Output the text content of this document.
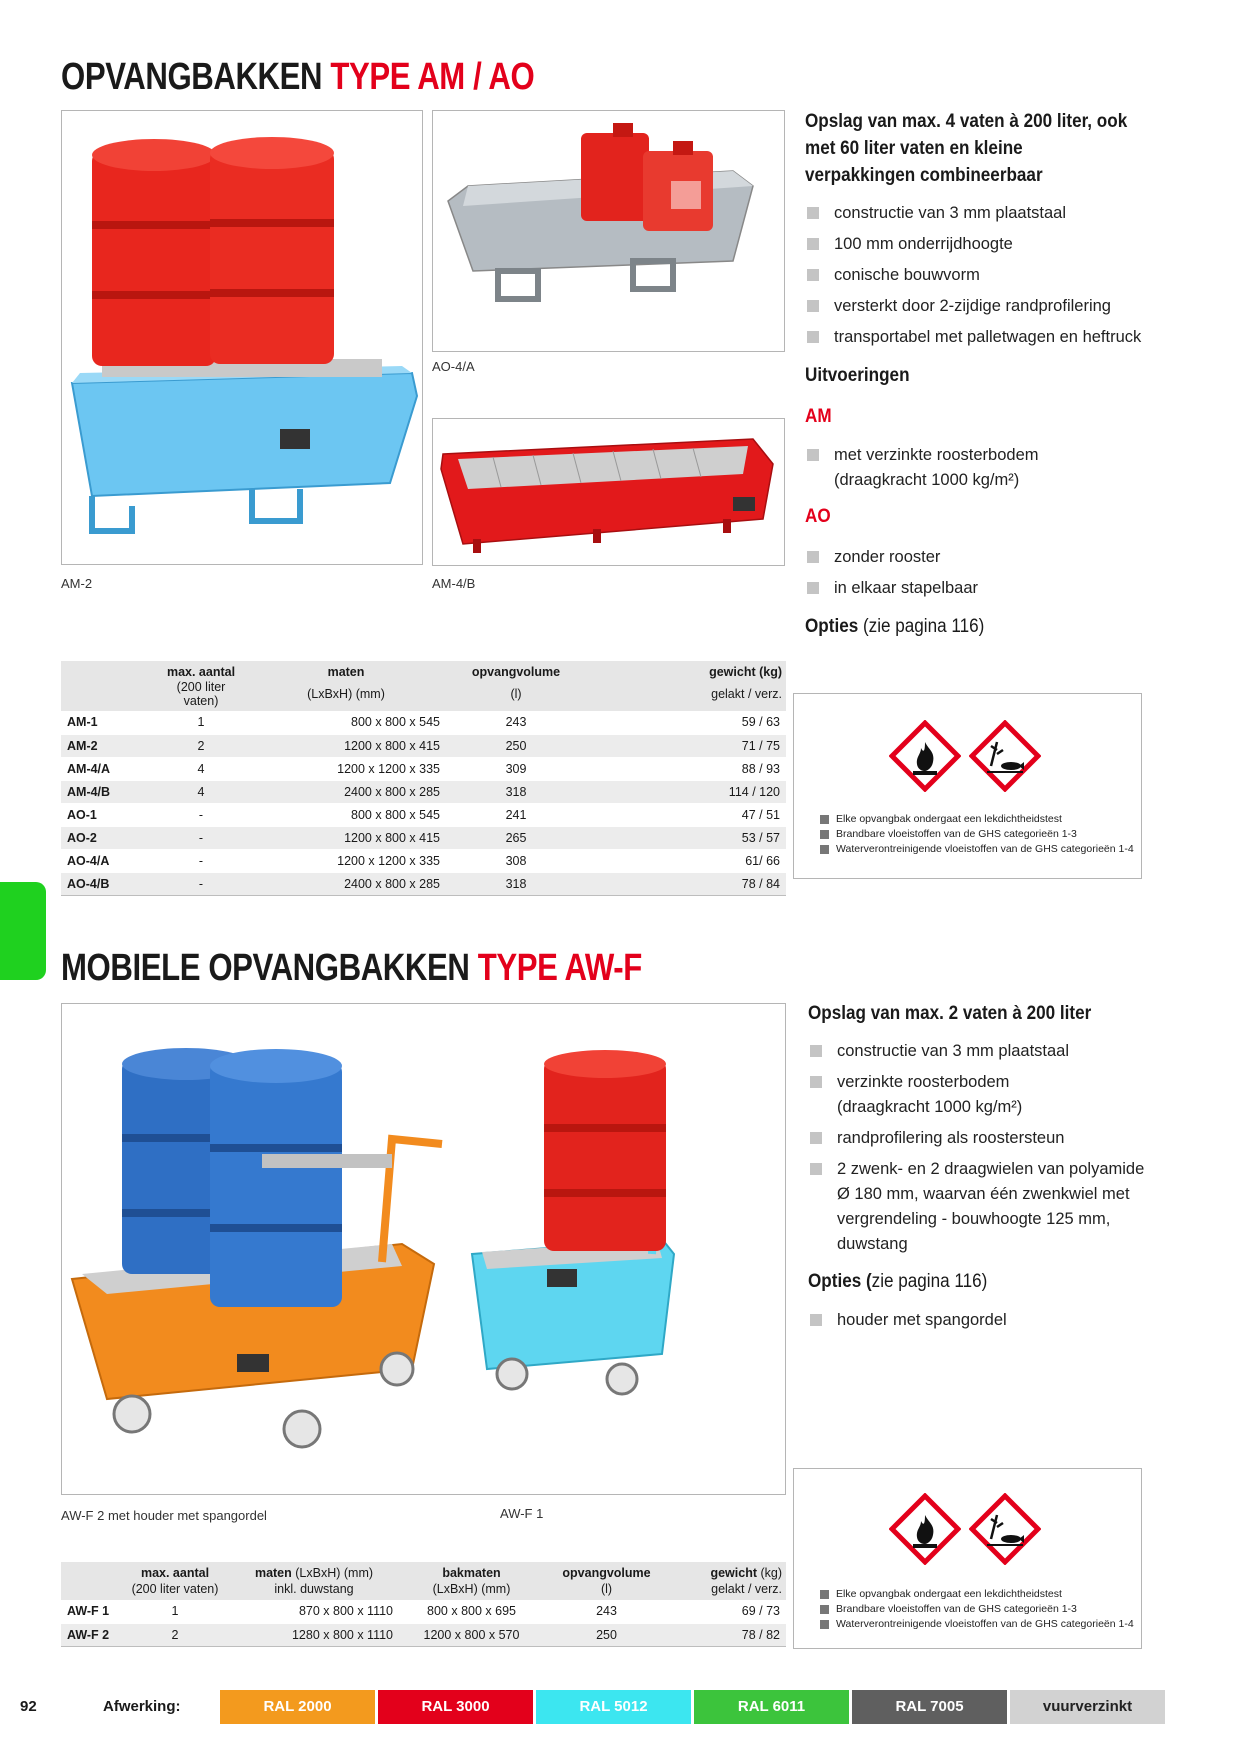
OPVANGBAKKEN TYPE AM / AO
AM-2
AO-4/A
AM-4/B
Opslag van max. 4 vaten à 200 liter, ook met 60 liter vaten en kleine verpakkingen combineerbaar
constructie van 3 mm plaatstaal
100 mm onderrijdhoogte
conische bouwvorm
versterkt door 2-zijdige randprofilering
transportabel met palletwagen en heftruck
Uitvoeringen
AM
met verzinkte roosterbodem (draagkracht 1000 kg/m²)
AO
zonder rooster
in elkaar stapelbaar
Opties (zie pagina 116)
	max. aantal	maten	opvangvolume	gewicht (kg)
	(200 liter vaten)	(LxBxH) (mm)	(l)	gelakt / verz.
AM-1	1	800 x 800 x 545	243	59 / 63
AM-2	2	1200 x 800 x 415	250	71 / 75
AM-4/A	4	1200 x 1200 x 335	309	88 / 93
AM-4/B	4	2400 x 800 x 285	318	114 / 120
AO-1	-	800 x 800 x 545	241	47 / 51
AO-2	-	1200 x 800 x 415	265	53 / 57
AO-4/A	-	1200 x 1200 x 335	308	61/ 66
AO-4/B	-	2400 x 800 x 285	318	78 / 84
Elke opvangbak ondergaat een lekdichtheidstest
Brandbare vloeistoffen van de GHS categorieën 1-3
Waterverontreinigende vloeistoffen van de GHS categorieën 1-4
MOBIELE OPVANGBAKKEN TYPE AW-F
AW-F 2 met houder met spangordel	AW-F 1
Opslag van max. 2 vaten à 200 liter
constructie van 3 mm plaatstaal
verzinkte roosterbodem (draagkracht 1000 kg/m²)
randprofilering als roostersteun
2 zwenk- en 2 draagwielen van polyamide Ø 180 mm, waarvan één zwenkwiel met vergrendeling - bouwhoogte 125 mm, duwstang
Opties (zie pagina 116)
houder met spangordel
	max. aantal	maten (LxBxH) (mm)	bakmaten	opvangvolume	gewicht (kg)
	(200 liter vaten)	inkl. duwstang	(LxBxH) (mm)	(l)	gelakt / verz.
AW-F 1	1	870 x 800 x 1110	800 x 800 x 695	243	69 / 73
AW-F 2	2	1280 x 800 x 1110	1200 x 800 x 570	250	78 / 82
Elke opvangbak ondergaat een lekdichtheidstest
Brandbare vloeistoffen van de GHS categorieën 1-3
Waterverontreinigende vloeistoffen van de GHS categorieën 1-4
92	Afwerking:	RAL 2000	RAL 3000	RAL 5012	RAL 6011	RAL 7005	vuurverzinkt
